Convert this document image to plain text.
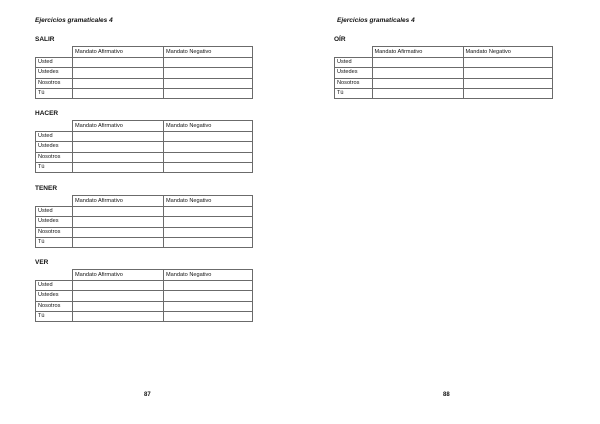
Ejercicios gramaticales 4
SALIR
	Mandato Afirmativo	Mandato Negativo
Usted		
Ustedes		
Nosotros		
Tú		
HACER
	Mandato Afirmativo	Mandato Negativo
Usted		
Ustedes		
Nosotros		
Tú		
TENER
	Mandato Afirmativo	Mandato Negativo
Usted		
Ustedes		
Nosotros		
Tú		
VER
	Mandato Afirmativo	Mandato Negativo
Usted		
Ustedes		
Nosotros		
Tú		
87
Ejercicios gramaticales 4
OÍR
	Mandato Afirmativo	Mandato Negativo
Usted		
Ustedes		
Nosotros		
Tú		
88
